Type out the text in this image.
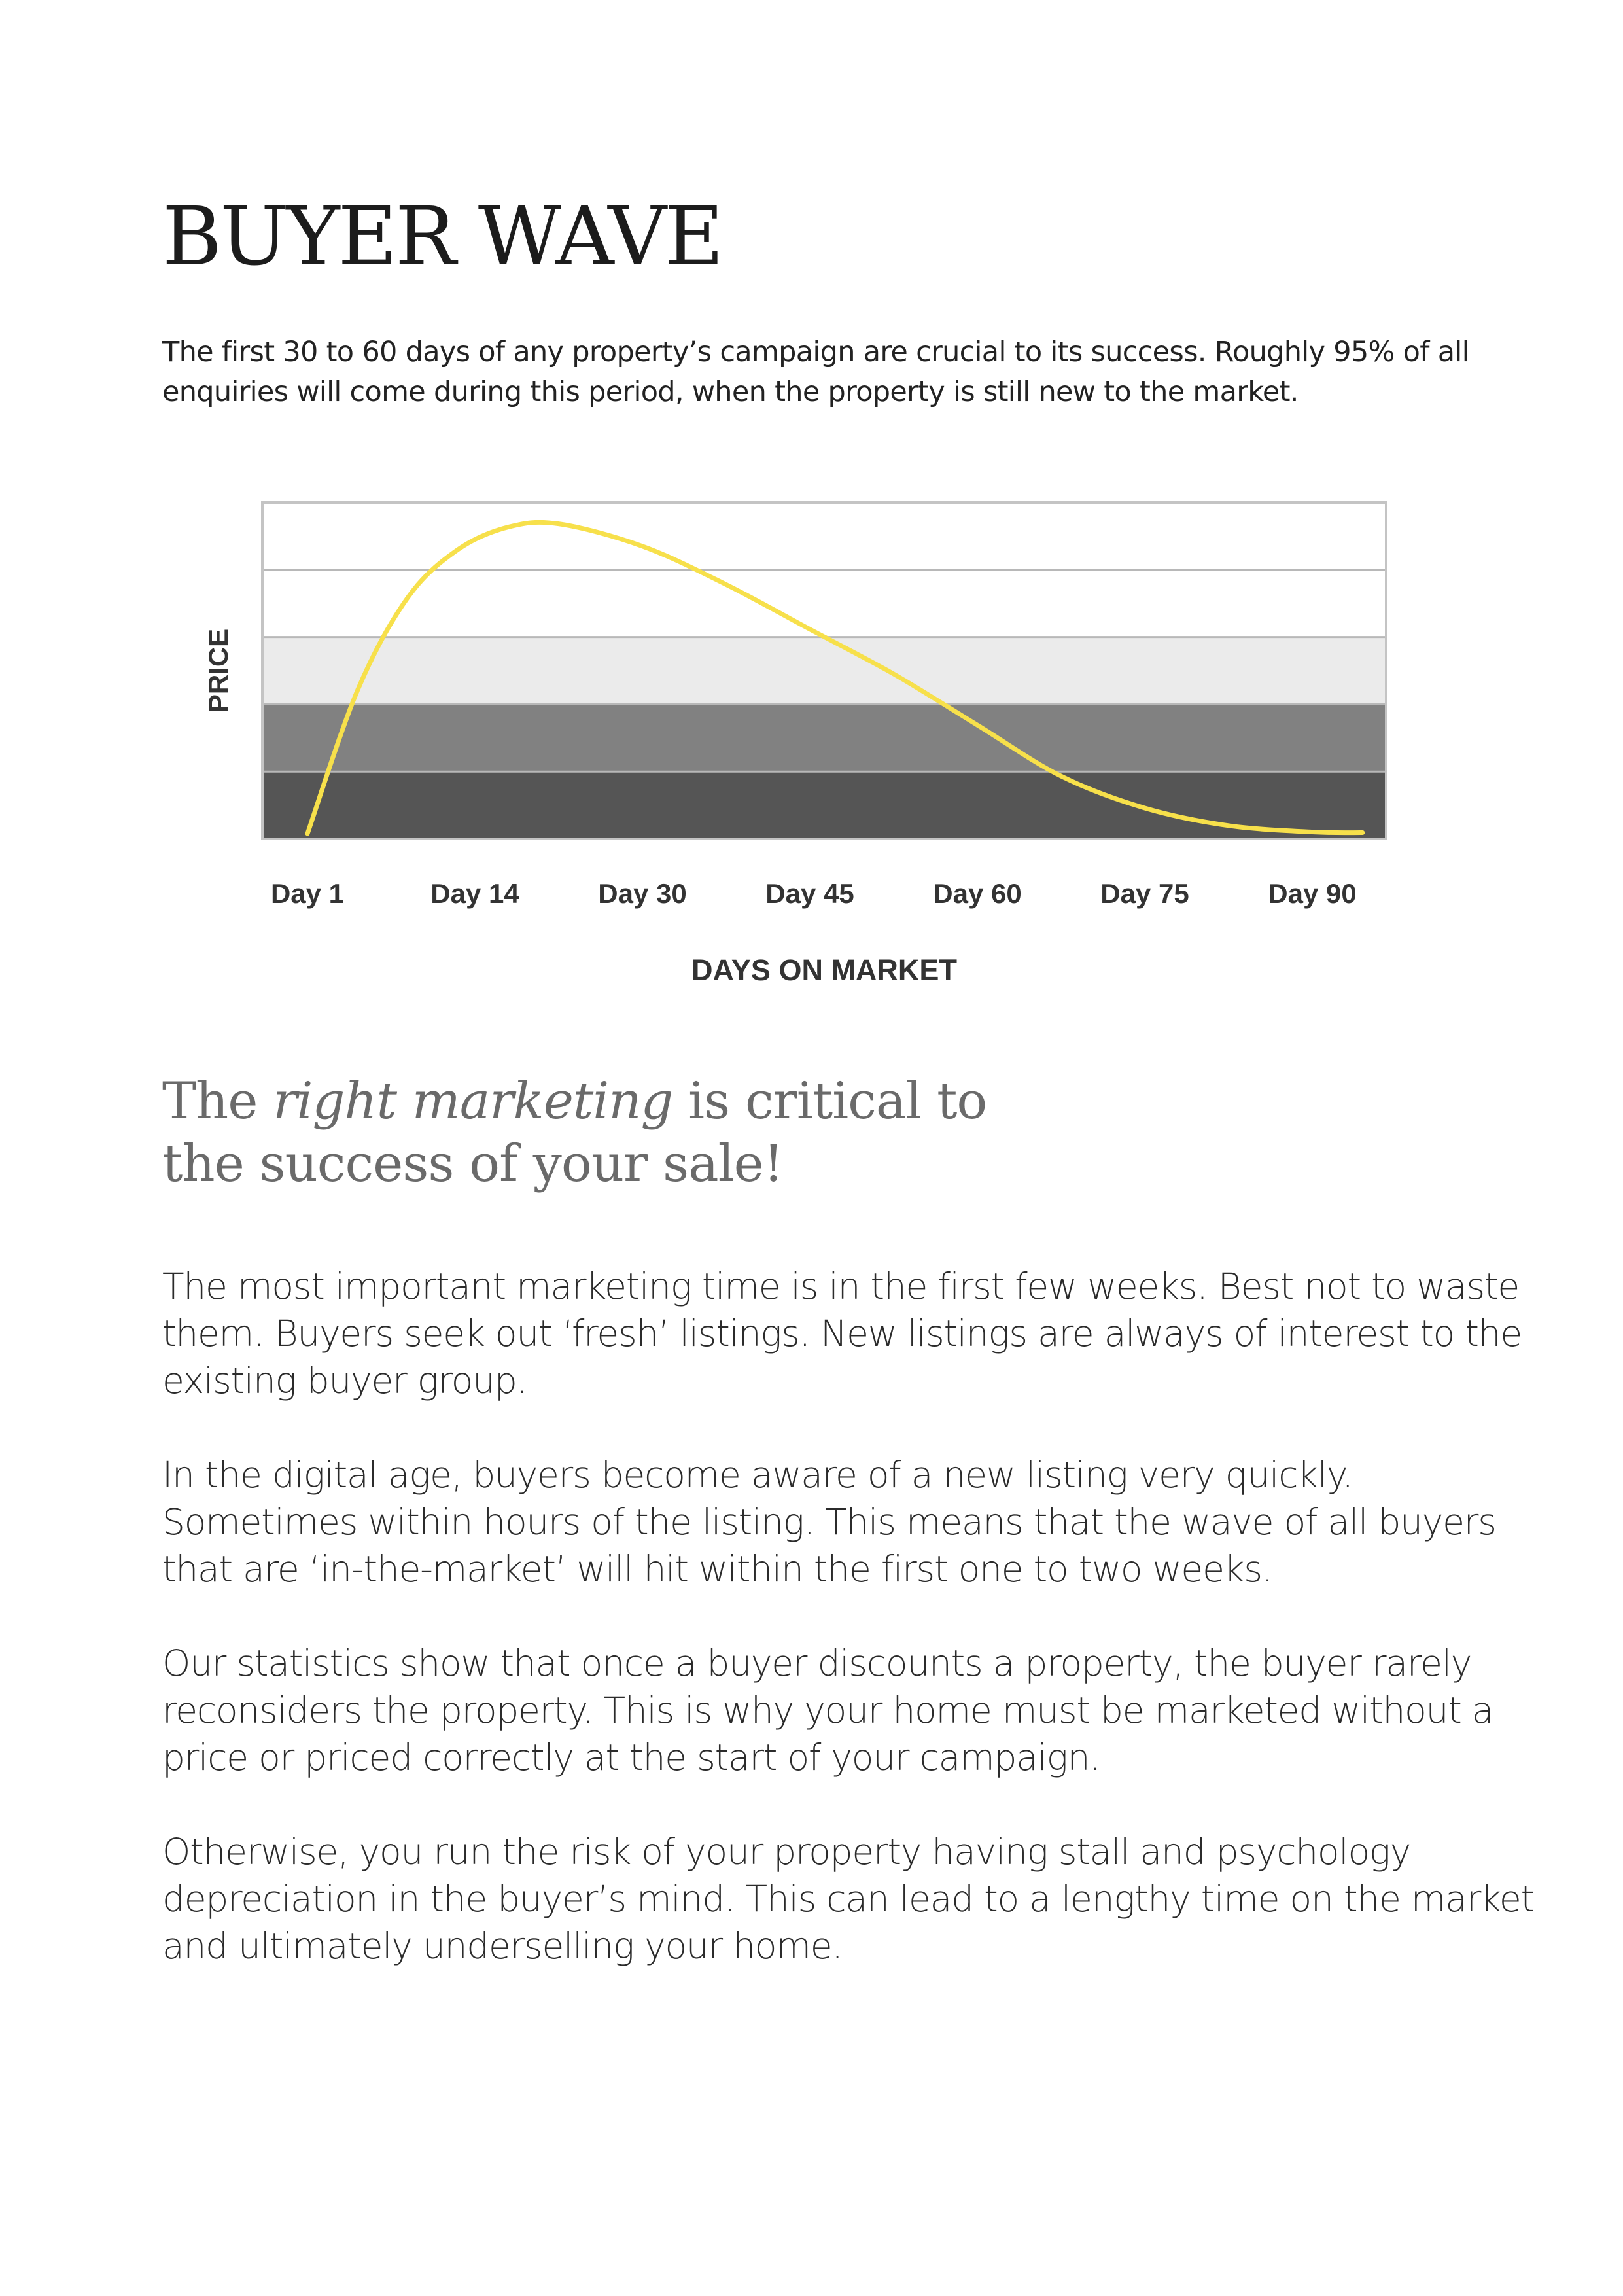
BUYER WAVE

The first 30 to 60 days of any property’s campaign are crucial to its success. Roughly 95% of all enquiries will come during this period, when the property is still new to the market.

PRICE
Day 1	Day 14	Day 30	Day 45	Day 60	Day 75	Day 90
DAYS ON MARKET
The right marketing is critical to the success of your sale!

The most important marketing time is in the first few weeks. Best not to waste them. Buyers seek out ‘fresh’ listings. New listings are always of interest to the existing buyer group.

In the digital age, buyers become aware of a new listing very quickly. Sometimes within hours of the listing. This means that the wave of all buyers that are ‘in-the-market’ will hit within the first one to two weeks.

Our statistics show that once a buyer discounts a property, the buyer rarely reconsiders the property. This is why your home must be marketed without a price or priced correctly at the start of your campaign.

Otherwise, you run the risk of your property having stall and psychology depreciation in the buyer’s mind. This can lead to a lengthy time on the market and ultimately underselling your home.
